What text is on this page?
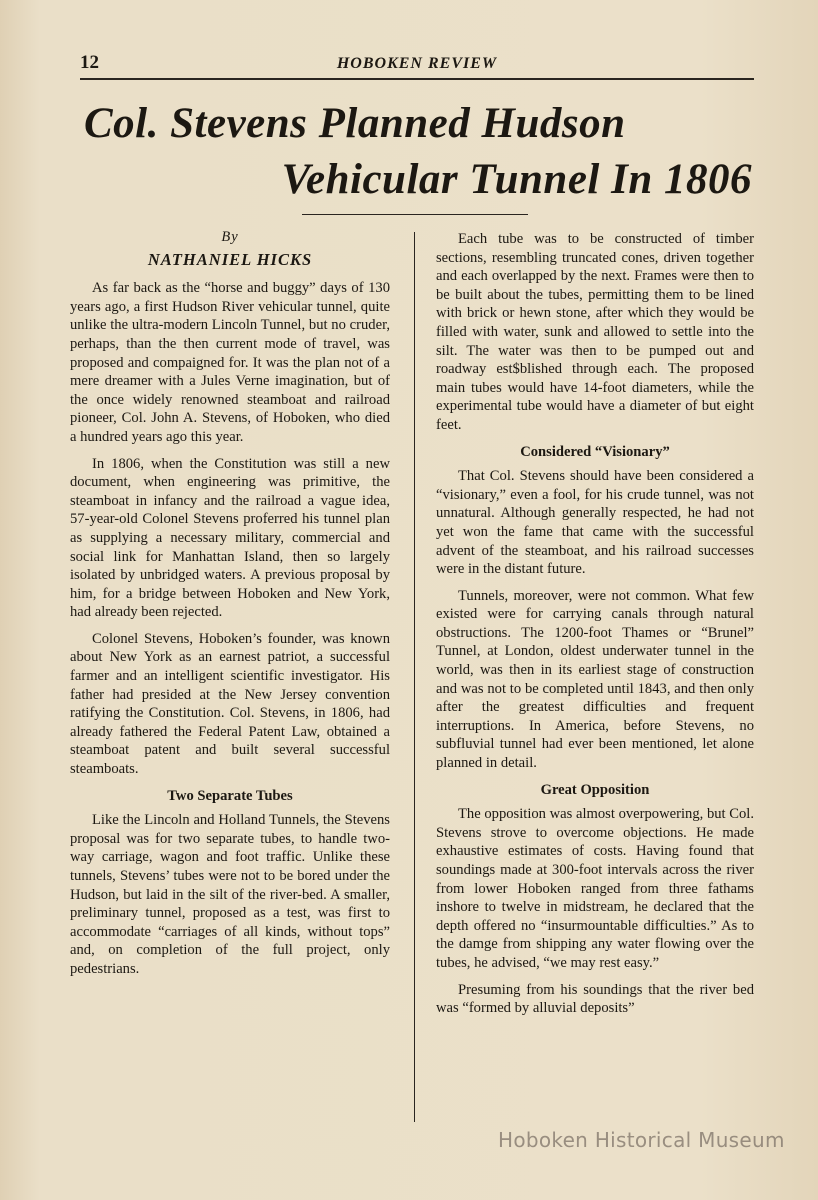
12	HOBOKEN REVIEW
Col. Stevens Planned Hudson
Vehicular Tunnel In 1806
By
NATHANIEL HICKS

As far back as the “horse and buggy” days of 130 years ago, a first Hudson River vehicular tunnel, quite unlike the ultra-modern Lincoln Tunnel, but no cruder, perhaps, than the then current mode of travel, was proposed and compaigned for. It was the plan not of a mere dreamer with a Jules Verne imagination, but of the once widely renowned steamboat and railroad pioneer, Col. John A. Stevens, of Hoboken, who died a hundred years ago this year.

In 1806, when the Constitution was still a new document, when engineering was primitive, the steamboat in infancy and the railroad a vague idea, 57-year-old Colonel Stevens proferred his tunnel plan as supplying a necessary military, commercial and social link for Manhattan Island, then so largely isolated by unbridged waters. A previous proposal by him, for a bridge between Hoboken and New York, had already been rejected.

Colonel Stevens, Hoboken’s founder, was known about New York as an earnest patriot, a successful farmer and an intelligent scientific investigator. His father had presided at the New Jersey convention ratifying the Constitution. Col. Stevens, in 1806, had already fathered the Federal Patent Law, obtained a steamboat patent and built several successful steamboats.

Two Separate Tubes

Like the Lincoln and Holland Tunnels, the Stevens proposal was for two separate tubes, to handle two-way carriage, wagon and foot traffic. Unlike these tunnels, Stevens’ tubes were not to be bored under the Hudson, but laid in the silt of the river-bed. A smaller, preliminary tunnel, proposed as a test, was first to accommodate “carriages of all kinds, without tops” and, on completion of the full project, only pedestrians.

Each tube was to be constructed of timber sections, resembling truncated cones, driven together and each overlapped by the next. Frames were then to be built about the tubes, permitting them to be lined with brick or hewn stone, after which they would be filled with water, sunk and allowed to settle into the silt. The water was then to be pumped out and roadway est$blished through each. The proposed main tubes would have 14-foot diameters, while the experimental tube would have a diameter of but eight feet.

Considered “Visionary”

That Col. Stevens should have been considered a “visionary,” even a fool, for his crude tunnel, was not unnatural. Although generally respected, he had not yet won the fame that came with the successful advent of the steamboat, and his railroad successes were in the distant future.

Tunnels, moreover, were not common. What few existed were for carrying canals through natural obstructions. The 1200-foot Thames or “Brunel” Tunnel, at London, oldest underwater tunnel in the world, was then in its earliest stage of construction and was not to be completed until 1843, and then only after the greatest difficulties and frequent interruptions. In America, before Stevens, no subfluvial tunnel had ever been mentioned, let alone planned in detail.

Great Opposition

The opposition was almost overpowering, but Col. Stevens strove to overcome objections. He made exhaustive estimates of costs. Having found that soundings made at 300-foot intervals across the river from lower Hoboken ranged from three fathams inshore to twelve in midstream, he declared that the depth offered no “insurmountable difficulties.” As to the damge from shipping any water flowing over the tubes, he advised, “we may rest easy.”

Presuming from his soundings that the river bed was “formed by alluvial deposits”

Hoboken Historical Museum
